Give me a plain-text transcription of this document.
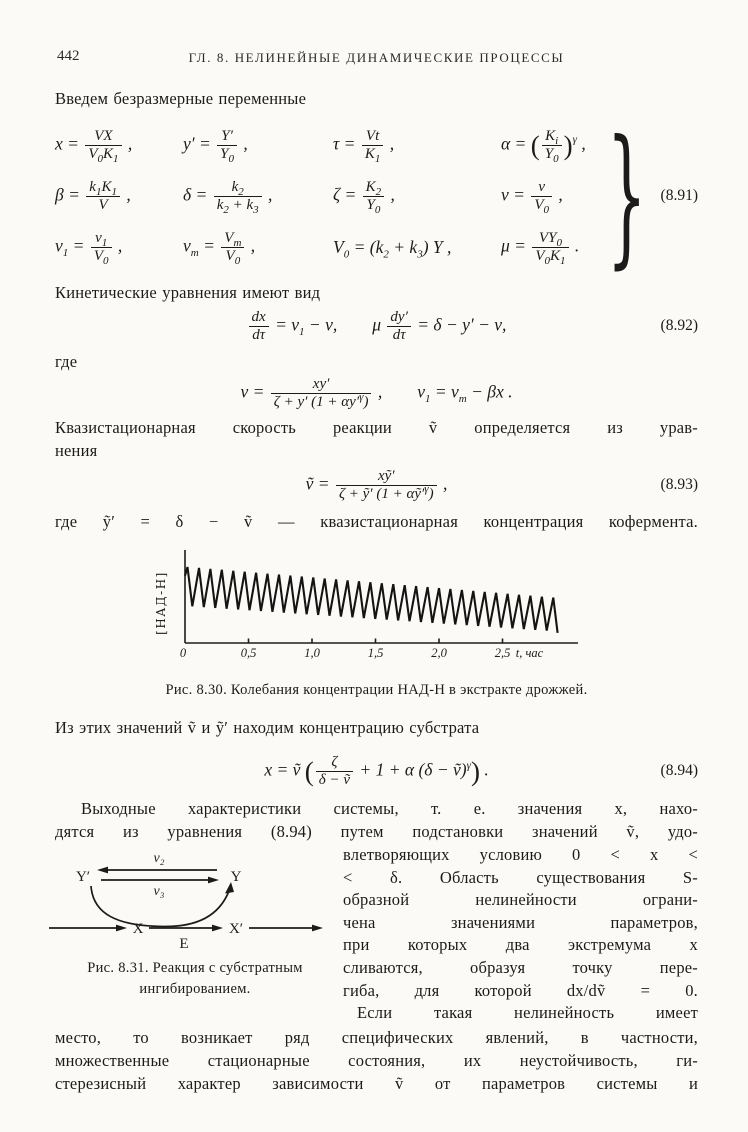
442	ГЛ. 8. НЕЛИНЕЙНЫЕ ДИНАМИЧЕСКИЕ ПРОЦЕССЫ
Введем безразмерные переменные
$x = \frac{VX}{V_0K_1}$ ,	$y' = \frac{Y'}{Y_0}$ ,	$\tau = \frac{Vt}{K_1}$ ,	α = ( $\frac{K_i}{Y_0} )^\gamma$ ,
$\beta = \frac{k_1K_1}{V}$ ,	$\delta = \frac{k_2}{k_2 + k_3}$ ,	$\zeta = \frac{K_2}{Y_0}$ ,	$\nu = \frac{v}{V_0}$ ,
$\nu_1 = \frac{v_1}{V_0}$ ,	$\nu_m = \frac{V_m}{V_0}$ ,	$V_0 = (k_2 + k_3)$ Y ,	$\mu = \frac{VY_0}{V_0K_1}$ . } (8.91)
Кинетические уравнения имеют вид
$\frac{dx}{d\tau} = \nu_1 - \nu$,  μ $\frac{dy'}{d\tau} = \delta - y' - \nu$,	(8.92)
где
$\nu = \frac{xy'}{\zeta + y' (1 + \alpha y'^\gamma)}$ ,  $\nu_1 = \nu_m - \beta x$ .
Квазистационарная скорость реакции ṽ определяется из урав-
нения
ṽ = $\frac{\text{xỹ′}}{\zeta + ỹ' (1 + \alpha ỹ'^\gamma)}$ ,	(8.93)
где ỹ′ = δ − ṽ — квазистационарная концентрация кофермента.
0	0,5	1,0	1,5	2,0	2,5 t, час
[НАД-Н]
Рис. 8.30. Колебания концентрации НАД-Н в экстракте дрожжей.
Из этих значений ṽ и ỹ′ находим концентрацию субстрата
x = ṽ ( $\frac{\zeta}{\text{δ − ṽ}} + 1 + \alpha$ (δ − ṽ)$^\gamma$) .	(8.94)
Выходные характеристики системы, т. е. значения x, нахо-
дятся из уравнения (8.94) путем подстановки значений ṽ, удо-
X	X′
E
Y′	Y
v₂
v₃
Рис. 8.31. Реакция с субстратным
ингибированием.
влетворяющих условию 0 < x <
< δ. Область существования S-
образной нелинейности ограни-
чена значениями параметров,
при которых два экстремума x
сливаются, образуя точку пере-
гиба, для которой dx/dṽ = 0.
Если такая нелинейность имеет
место, то возникает ряд специфических явлений, в частности,
множественные стационарные состояния, их неустойчивость, ги-
стерезисный характер зависимости ṽ от параметров системы и
